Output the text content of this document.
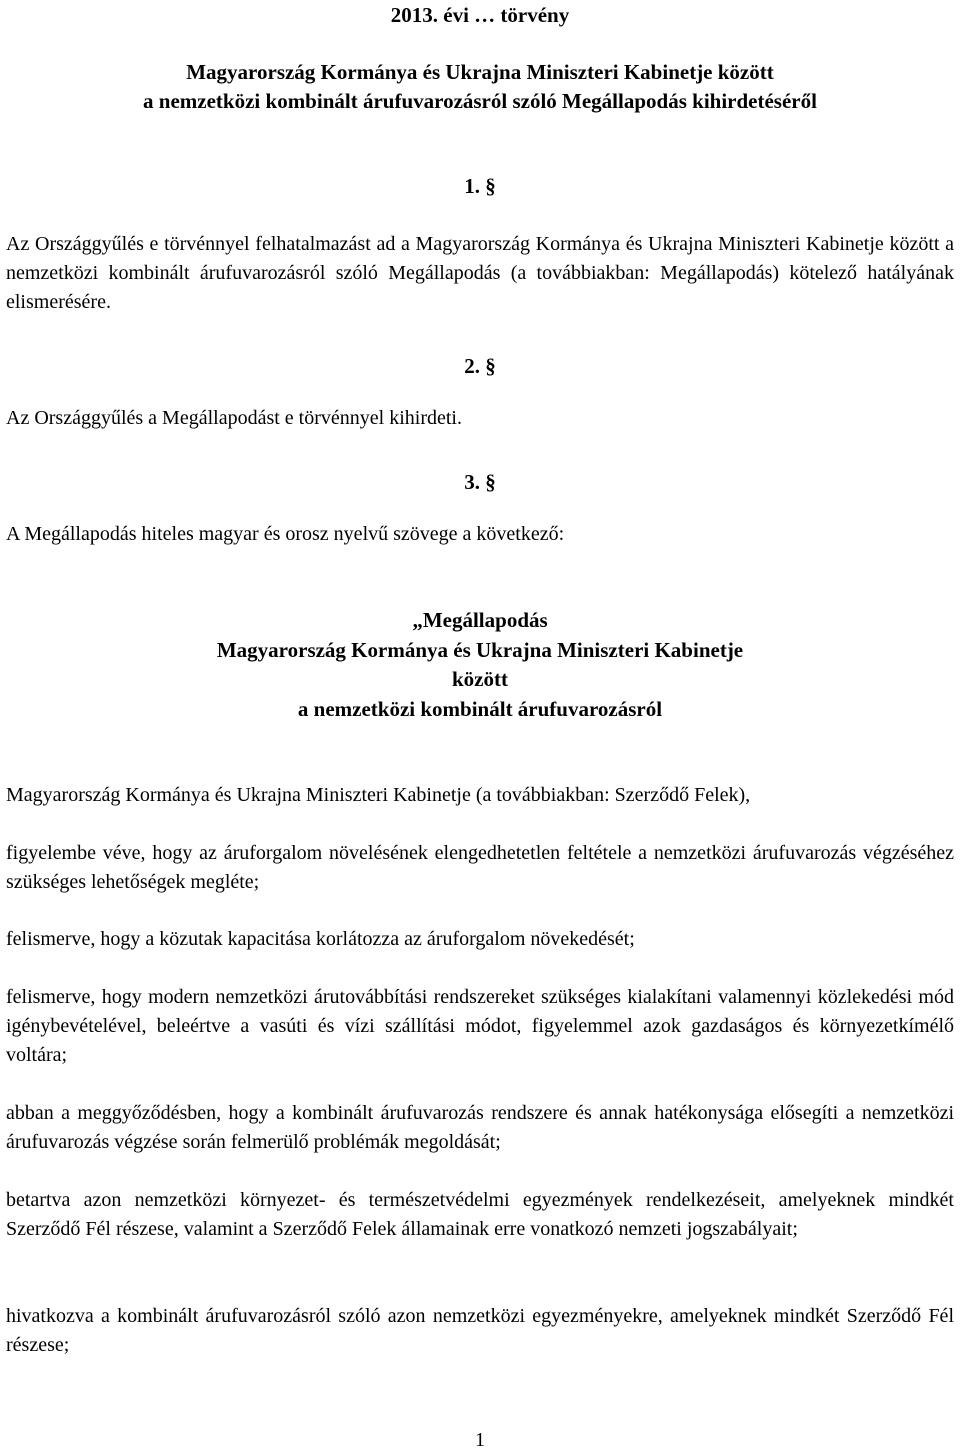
2013. évi … törvény
Magyarország Kormánya és Ukrajna Miniszteri Kabinetje között
a nemzetközi kombinált árufuvarozásról szóló Megállapodás kihirdetéséről
1. §
Az Országgyűlés e törvénnyel felhatalmazást ad a Magyarország Kormánya és Ukrajna Miniszteri Kabinetje között a nemzetközi kombinált árufuvarozásról szóló Megállapodás (a továbbiakban: Megállapodás) kötelező hatályának elismerésére.
2. §
Az Országgyűlés a Megállapodást e törvénnyel kihirdeti.
3. §
A Megállapodás hiteles magyar és orosz nyelvű szövege a következő:
„Megállapodás
Magyarország Kormánya és Ukrajna Miniszteri Kabinetje
között
a nemzetközi kombinált árufuvarozásról
Magyarország Kormánya és Ukrajna Miniszteri Kabinetje (a továbbiakban: Szerződő Felek),
figyelembe véve, hogy az áruforgalom növelésének elengedhetetlen feltétele a nemzetközi árufuvarozás végzéséhez szükséges lehetőségek megléte;
felismerve, hogy a közutak kapacitása korlátozza az áruforgalom növekedését;
felismerve, hogy modern nemzetközi árutovábbítási rendszereket szükséges kialakítani valamennyi közlekedési mód igénybevételével, beleértve a vasúti és vízi szállítási módot, figyelemmel azok gazdaságos és környezetkímélő voltára;
abban a meggyőződésben, hogy a kombinált árufuvarozás rendszere és annak hatékonysága elősegíti a nemzetközi árufuvarozás végzése során felmerülő problémák megoldását;
betartva azon nemzetközi környezet- és természetvédelmi egyezmények rendelkezéseit, amelyeknek mindkét Szerződő Fél részese, valamint a Szerződő Felek államainak erre vonatkozó nemzeti jogszabályait;
hivatkozva a kombinált árufuvarozásról szóló azon nemzetközi egyezményekre, amelyeknek mindkét Szerződő Fél részese;
1
